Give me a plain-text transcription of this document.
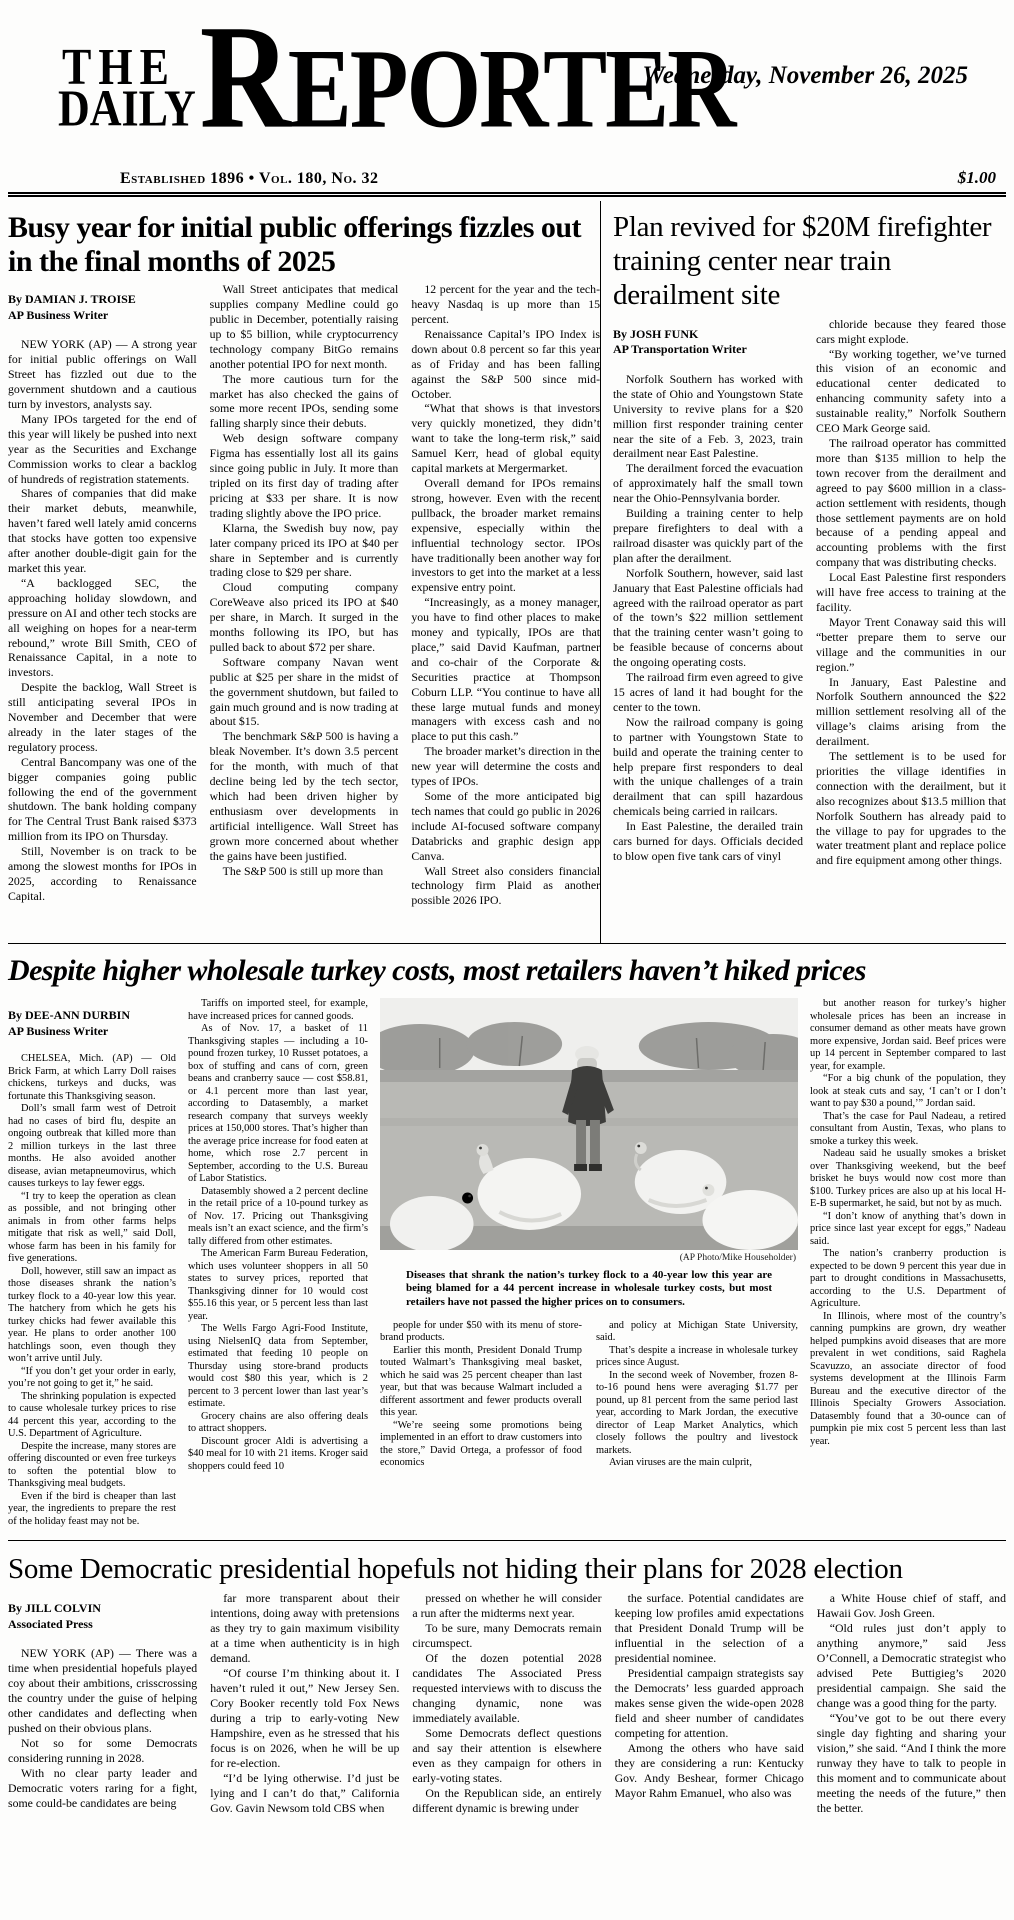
THE
DAILY REPORTER
Wednesday, November 26, 2025
Established 1896 • Vol. 180, No. 32	$1.00
Busy year for initial public offerings fizzles out in the final months of 2025
By DAMIAN J. TROISE
AP Business Writer

NEW YORK (AP) — A strong year for initial public offerings on Wall Street has fizzled out due to the government shutdown and a cautious turn by investors, analysts say.

Many IPOs targeted for the end of this year will likely be pushed into next year as the Securities and Exchange Commission works to clear a backlog of hundreds of registration statements.

Shares of companies that did make their market debuts, meanwhile, haven’t fared well lately amid concerns that stocks have gotten too expensive after another double-digit gain for the market this year.

“A backlogged SEC, the approaching holiday slowdown, and pressure on AI and other tech stocks are all weighing on hopes for a near-term rebound,” wrote Bill Smith, CEO of Renaissance Capital, in a note to investors.

Despite the backlog, Wall Street is still anticipating several IPOs in November and December that were already in the later stages of the regulatory process.

Central Bancompany was one of the bigger companies going public following the end of the government shutdown. The bank holding company for The Central Trust Bank raised $373 million from its IPO on Thursday.

Still, November is on track to be among the slowest months for IPOs in 2025, according to Renaissance Capital.

Wall Street anticipates that medical supplies company Medline could go public in December, potentially raising up to $5 billion, while cryptocurrency technology company BitGo remains another potential IPO for next month.

The more cautious turn for the market has also checked the gains of some more recent IPOs, sending some falling sharply since their debuts.

Web design software company Figma has essentially lost all its gains since going public in July. It more than tripled on its first day of trading after pricing at $33 per share. It is now trading slightly above the IPO price.

Klarna, the Swedish buy now, pay later company priced its IPO at $40 per share in September and is currently trading close to $29 per share.

Cloud computing company CoreWeave also priced its IPO at $40 per share, in March. It surged in the months following its IPO, but has pulled back to about $72 per share.

Software company Navan went public at $25 per share in the midst of the government shutdown, but failed to gain much ground and is now trading at about $15.

The benchmark S&P 500 is having a bleak November. It’s down 3.5 percent for the month, with much of that decline being led by the tech sector, which had been driven higher by enthusiasm over developments in artificial intelligence. Wall Street has grown more concerned about whether the gains have been justified.

The S&P 500 is still up more than

12 percent for the year and the tech-heavy Nasdaq is up more than 15 percent.

Renaissance Capital’s IPO Index is down about 0.8 percent so far this year as of Friday and has been falling against the S&P 500 since mid-October.

“What that shows is that investors very quickly monetized, they didn’t want to take the long-term risk,” said Samuel Kerr, head of global equity capital markets at Mergermarket.

Overall demand for IPOs remains strong, however. Even with the recent pullback, the broader market remains expensive, especially within the influential technology sector. IPOs have traditionally been another way for investors to get into the market at a less expensive entry point.

“Increasingly, as a money manager, you have to find other places to make money and typically, IPOs are that place,” said David Kaufman, partner and co-chair of the Corporate & Securities practice at Thompson Coburn LLP. “You continue to have all these large mutual funds and money managers with excess cash and no place to put this cash.”

The broader market’s direction in the new year will determine the costs and types of IPOs.

Some of the more anticipated big tech names that could go public in 2026 include AI-focused software company Databricks and graphic design app Canva.

Wall Street also considers financial technology firm Plaid as another possible 2026 IPO.

Plan revived for $20M firefighter training center near train derailment site
By JOSH FUNK
AP Transportation Writer

Norfolk Southern has worked with the state of Ohio and Youngstown State University to revive plans for a $20 million first responder training center near the site of a Feb. 3, 2023, train derailment near East Palestine.

The derailment forced the evacuation of approximately half the small town near the Ohio-Pennsylvania border.

Building a training center to help prepare firefighters to deal with a railroad disaster was quickly part of the plan after the derailment.

Norfolk Southern, however, said last January that East Palestine officials had agreed with the railroad operator as part of the town’s $22 million settlement that the training center wasn’t going to be feasible because of concerns about the ongoing operating costs.

The railroad firm even agreed to give 15 acres of land it had bought for the center to the town.

Now the railroad company is going to partner with Youngstown State to build and operate the training center to help prepare first responders to deal with the unique challenges of a train derailment that can spill hazardous chemicals being carried in railcars.

In East Palestine, the derailed train cars burned for days. Officials decided to blow open five tank cars of vinyl

chloride because they feared those cars might explode.

“By working together, we’ve turned this vision of an economic and educational center dedicated to enhancing community safety into a sustainable reality,” Norfolk Southern CEO Mark George said.

The railroad operator has committed more than $135 million to help the town recover from the derailment and agreed to pay $600 million in a class-action settlement with residents, though those settlement payments are on hold because of a pending appeal and accounting problems with the first company that was distributing checks.

Local East Palestine first responders will have free access to training at the facility.

Mayor Trent Conaway said this will “better prepare them to serve our village and the communities in our region.”

In January, East Palestine and Norfolk Southern announced the $22 million settlement resolving all of the village’s claims arising from the derailment.

The settlement is to be used for priorities the village identifies in connection with the derailment, but it also recognizes about $13.5 million that Norfolk Southern has already paid to the village to pay for upgrades to the water treatment plant and replace police and fire equipment among other things.

Despite higher wholesale turkey costs, most retailers haven’t hiked prices
By DEE-ANN DURBIN
AP Business Writer

CHELSEA, Mich. (AP) — Old Brick Farm, at which Larry Doll raises chickens, turkeys and ducks, was fortunate this Thanksgiving season.

Doll’s small farm west of Detroit had no cases of bird flu, despite an ongoing outbreak that killed more than 2 million turkeys in the last three months. He also avoided another disease, avian metapneumovirus, which causes turkeys to lay fewer eggs.

“I try to keep the operation as clean as possible, and not bringing other animals in from other farms helps mitigate that risk as well,” said Doll, whose farm has been in his family for five generations.

Doll, however, still saw an impact as those diseases shrank the nation’s turkey flock to a 40-year low this year. The hatchery from which he gets his turkey chicks had fewer available this year. He plans to order another 100 hatchlings soon, even though they won’t arrive until July.

“If you don’t get your order in early, you’re not going to get it,” he said.

The shrinking population is expected to cause wholesale turkey prices to rise 44 percent this year, according to the U.S. Department of Agriculture.

Despite the increase, many stores are offering discounted or even free turkeys to soften the potential blow to Thanksgiving meal budgets.

Even if the bird is cheaper than last year, the ingredients to prepare the rest of the holiday feast may not be.

Tariffs on imported steel, for example, have increased prices for canned goods.

As of Nov. 17, a basket of 11 Thanksgiving staples — including a 10-pound frozen turkey, 10 Russet potatoes, a box of stuffing and cans of corn, green beans and cranberry sauce — cost $58.81, or 4.1 percent more than last year, according to Datasembly, a market research company that surveys weekly prices at 150,000 stores. That’s higher than the average price increase for food eaten at home, which rose 2.7 percent in September, according to the U.S. Bureau of Labor Statistics.

Datasembly showed a 2 percent decline in the retail price of a 10-pound turkey as of Nov. 17. Pricing out Thanksgiving meals isn’t an exact science, and the firm’s tally differed from other estimates.

The American Farm Bureau Federation, which uses volunteer shoppers in all 50 states to survey prices, reported that Thanksgiving dinner for 10 would cost $55.16 this year, or 5 percent less than last year.

The Wells Fargo Agri-Food Institute, using NielsenIQ data from September, estimated that feeding 10 people on Thursday using store-brand products would cost $80 this year, which is 2 percent to 3 percent lower than last year’s estimate.

Grocery chains are also offering deals to attract shoppers.

Discount grocer Aldi is advertising a $40 meal for 10 with 21 items. Kroger said shoppers could feed 10

(AP Photo/Mike Householder)
Diseases that shrank the nation’s turkey flock to a 40-year low this year are being blamed for a 44 percent increase in wholesale turkey costs, but most retailers have not passed the higher prices on to consumers.

people for under $50 with its menu of store-brand products.

Earlier this month, President Donald Trump touted Walmart’s Thanksgiving meal basket, which he said was 25 percent cheaper than last year, but that was because Walmart included a different assortment and fewer products overall this year.

“We’re seeing some promotions being implemented in an effort to draw customers into the store,” David Ortega, a professor of food economics

and policy at Michigan State University, said.

That’s despite a increase in wholesale turkey prices since August.

In the second week of November, frozen 8-to-16 pound hens were averaging $1.77 per pound, up 81 percent from the same period last year, according to Mark Jordan, the executive director of Leap Market Analytics, which closely follows the poultry and livestock markets.

Avian viruses are the main culprit,

but another reason for turkey’s higher wholesale prices has been an increase in consumer demand as other meats have grown more expensive, Jordan said. Beef prices were up 14 percent in September compared to last year, for example.

“For a big chunk of the population, they look at steak cuts and say, ‘I can’t or I don’t want to pay $30 a pound,’” Jordan said.

That’s the case for Paul Nadeau, a retired consultant from Austin, Texas, who plans to smoke a turkey this week.

Nadeau said he usually smokes a brisket over Thanksgiving weekend, but the beef brisket he buys would now cost more than $100. Turkey prices are also up at his local H-E-B supermarket, he said, but not by as much.

“I don’t know of anything that’s down in price since last year except for eggs,” Nadeau said.

The nation’s cranberry production is expected to be down 9 percent this year due in part to drought conditions in Massachusetts, according to the U.S. Department of Agriculture.

In Illinois, where most of the country’s canning pumpkins are grown, dry weather helped pumpkins avoid diseases that are more prevalent in wet conditions, said Raghela Scavuzzo, an associate director of food systems development at the Illinois Farm Bureau and the executive director of the Illinois Specialty Growers Association. Datasembly found that a 30-ounce can of pumpkin pie mix cost 5 percent less than last year.

Some Democratic presidential hopefuls not hiding their plans for 2028 election
By JILL COLVIN
Associated Press

NEW YORK (AP) — There was a time when presidential hopefuls played coy about their ambitions, crisscrossing the country under the guise of helping other candidates and deflecting when pushed on their obvious plans.

Not so for some Democrats considering running in 2028.

With no clear party leader and Democratic voters raring for a fight, some could-be candidates are being

far more transparent about their intentions, doing away with pretensions as they try to gain maximum visibility at a time when authenticity is in high demand.

“Of course I’m thinking about it. I haven’t ruled it out,” New Jersey Sen. Cory Booker recently told Fox News during a trip to early-voting New Hampshire, even as he stressed that his focus is on 2026, when he will be up for re-election.

“I’d be lying otherwise. I’d just be lying and I can’t do that,” California Gov. Gavin Newsom told CBS when

pressed on whether he will consider a run after the midterms next year.

To be sure, many Democrats remain circumspect.

Of the dozen potential 2028 candidates The Associated Press requested interviews with to discuss the changing dynamic, none was immediately available.

Some Democrats deflect questions and say their attention is elsewhere even as they campaign for others in early-voting states.

On the Republican side, an entirely different dynamic is brewing under

the surface. Potential candidates are keeping low profiles amid expectations that President Donald Trump will be influential in the selection of a presidential nominee.

Presidential campaign strategists say the Democrats’ less guarded approach makes sense given the wide-open 2028 field and sheer number of candidates competing for attention.

Among the others who have said they are considering a run: Kentucky Gov. Andy Beshear, former Chicago Mayor Rahm Emanuel, who also was

a White House chief of staff, and Hawaii Gov. Josh Green.

“Old rules just don’t apply to anything anymore,” said Jess O’Connell, a Democratic strategist who advised Pete Buttigieg’s 2020 presidential campaign. She said the change was a good thing for the party.

“You’ve got to be out there every single day fighting and sharing your vision,” she said. “And I think the more runway they have to talk to people in this moment and to communicate about meeting the needs of the future,” then the better.
